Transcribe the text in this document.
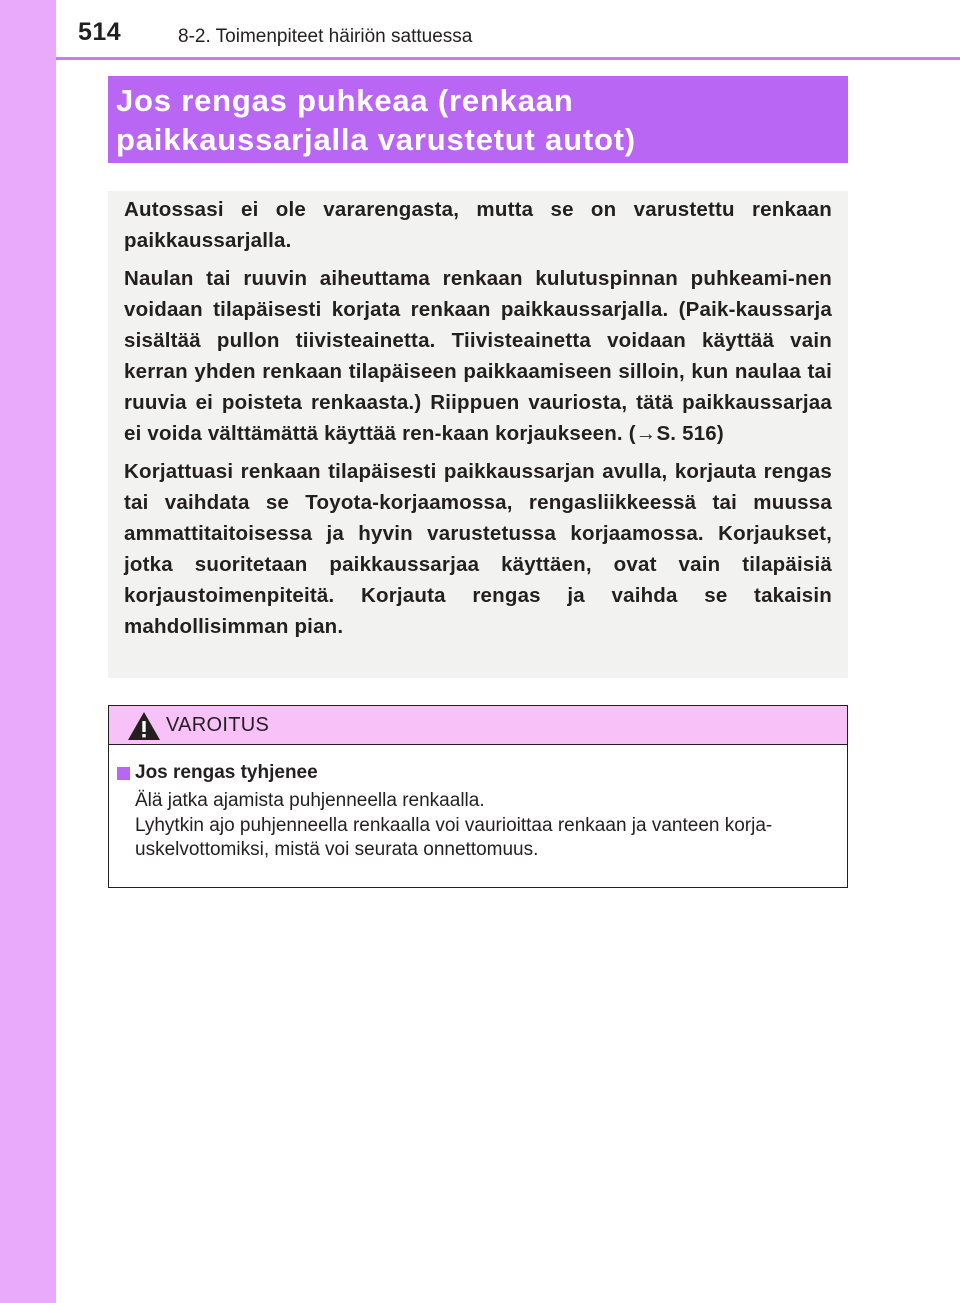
514	8-2. Toimenpiteet häiriön sattuessa
Jos rengas puhkeaa (renkaan
paikkaussarjalla varustetut autot)

Autossasi ei ole vararengasta, mutta se on varustettu renkaan paikkaussarjalla.

Naulan tai ruuvin aiheuttama renkaan kulutuspinnan puhkeami-nen voidaan tilapäisesti korjata renkaan paikkaussarjalla. (Paik-kaussarja sisältää pullon tiivisteainetta. Tiivisteainetta voidaan käyttää vain kerran yhden renkaan tilapäiseen paikkaamiseen silloin, kun naulaa tai ruuvia ei poisteta renkaasta.) Riippuen vauriosta, tätä paikkaussarjaa ei voida välttämättä käyttää ren-kaan korjaukseen. (→S. 516)

Korjattuasi renkaan tilapäisesti paikkaussarjan avulla, korjauta rengas tai vaihdata se Toyota-korjaamossa, rengasliikkeessä tai muussa ammattitaitoisessa ja hyvin varustetussa korjaamossa. Korjaukset, jotka suoritetaan paikkaussarjaa käyttäen, ovat vain tilapäisiä korjaustoimenpiteitä. Korjauta rengas ja vaihda se takaisin mahdollisimman pian.

VAROITUS
Jos rengas tyhjenee
Älä jatka ajamista puhjenneella renkaalla.
Lyhytkin ajo puhjenneella renkaalla voi vaurioittaa renkaan ja vanteen korja-
uskelvottomiksi, mistä voi seurata onnettomuus.
